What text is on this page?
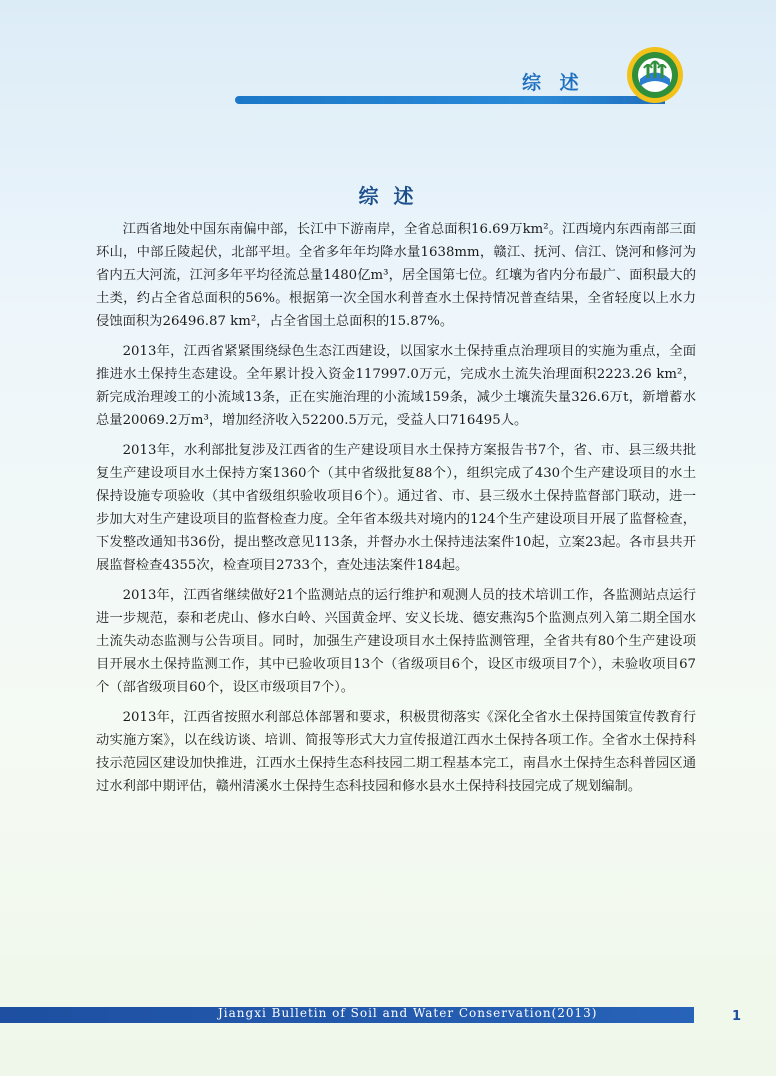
综 述
综 述

江西省地处中国东南偏中部，长江中下游南岸，全省总面积16.69万km²。江西境内东西南部三面环山，中部丘陵起伏，北部平坦。全省多年年均降水量1638mm，赣江、抚河、信江、饶河和修河为省内五大河流，江河多年平均径流总量1480亿m³，居全国第七位。红壤为省内分布最广、面积最大的土类，约占全省总面积的56%。根据第一次全国水利普查水土保持情况普查结果，全省轻度以上水力侵蚀面积为26496.87 km²，占全省国土总面积的15.87%。

2013年，江西省紧紧围绕绿色生态江西建设，以国家水土保持重点治理项目的实施为重点，全面推进水土保持生态建设。全年累计投入资金117997.0万元，完成水土流失治理面积2223.26 km²，新完成治理竣工的小流域13条，正在实施治理的小流域159条，减少土壤流失量326.6万t，新增蓄水总量20069.2万m³，增加经济收入52200.5万元，受益人口716495人。

2013年，水利部批复涉及江西省的生产建设项目水土保持方案报告书7个，省、市、县三级共批复生产建设项目水土保持方案1360个（其中省级批复88个），组织完成了430个生产建设项目的水土保持设施专项验收（其中省级组织验收项目6个）。通过省、市、县三级水土保持监督部门联动，进一步加大对生产建设项目的监督检查力度。全年省本级共对境内的124个生产建设项目开展了监督检查，下发整改通知书36份，提出整改意见113条，并督办水土保持违法案件10起，立案23起。各市县共开展监督检查4355次，检查项目2733个，查处违法案件184起。

2013年，江西省继续做好21个监测站点的运行维护和观测人员的技术培训工作，各监测站点运行进一步规范，泰和老虎山、修水白岭、兴国黄金坪、安义长垅、德安燕沟5个监测点列入第二期全国水土流失动态监测与公告项目。同时，加强生产建设项目水土保持监测管理，全省共有80个生产建设项目开展水土保持监测工作，其中已验收项目13个（省级项目6个，设区市级项目7个），未验收项目67个（部省级项目60个，设区市级项目7个）。

2013年，江西省按照水利部总体部署和要求，积极贯彻落实《深化全省水土保持国策宣传教育行动实施方案》，以在线访谈、培训、简报等形式大力宣传报道江西水土保持各项工作。全省水土保持科技示范园区建设加快推进，江西水土保持生态科技园二期工程基本完工，南昌水土保持生态科普园区通过水利部中期评估，赣州清溪水土保持生态科技园和修水县水土保持科技园完成了规划编制。

Jiangxi Bulletin of Soil and Water Conservation(2013)	1
